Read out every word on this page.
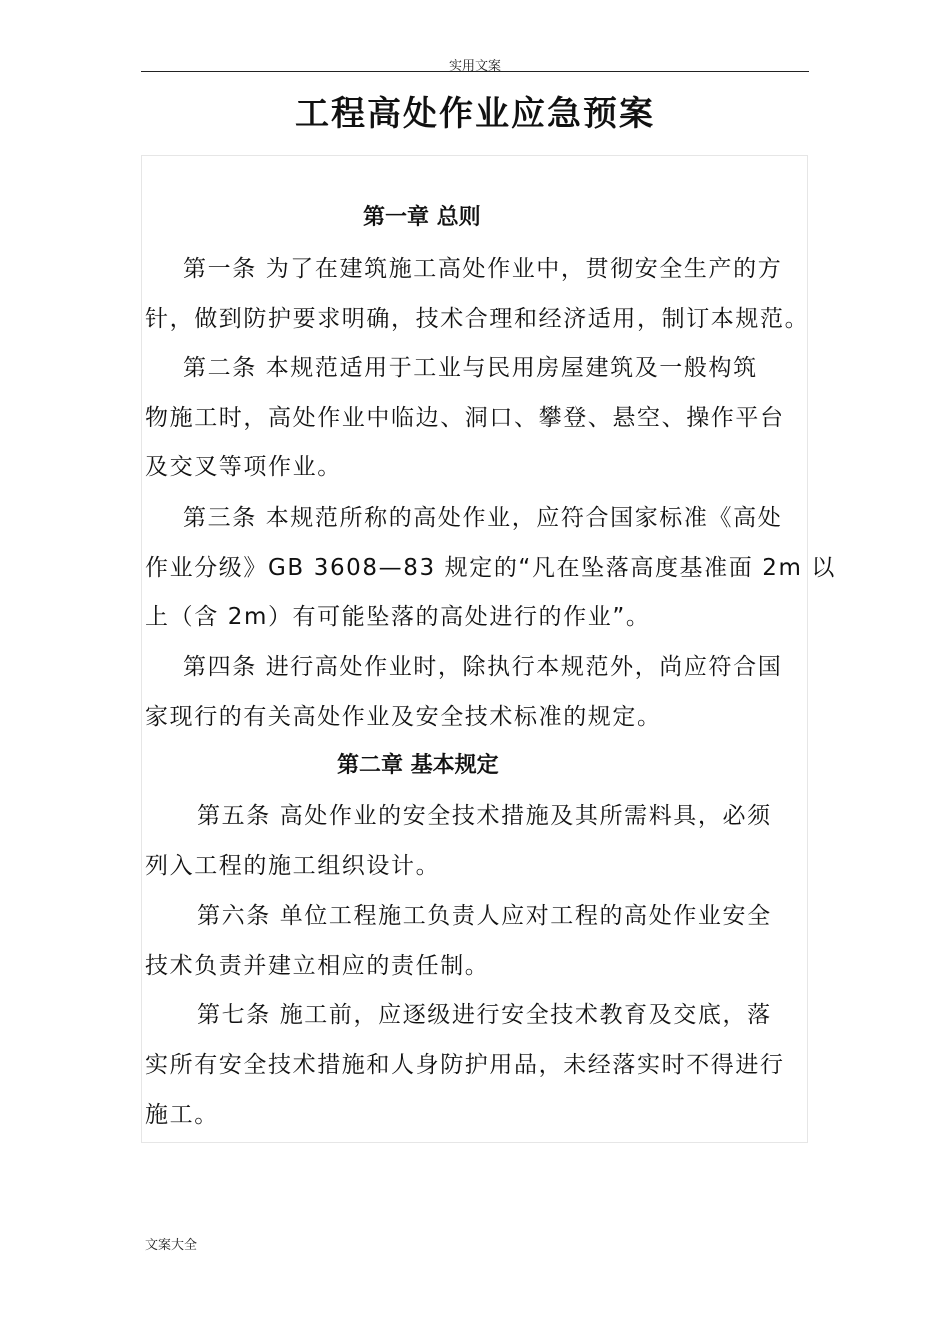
实用文案
工程高处作业应急预案
第一章 总则
第一条 为了在建筑施工高处作业中，贯彻安全生产的方
针，做到防护要求明确，技术合理和经济适用，制订本规范。
第二条 本规范适用于工业与民用房屋建筑及一般构筑
物施工时，高处作业中临边、洞口、攀登、悬空、操作平台
及交叉等项作业。
第三条 本规范所称的高处作业，应符合国家标准《高处
作业分级》GB 3608—83 规定的“凡在坠落高度基准面 2m 以
上（含 2m）有可能坠落的高处进行的作业”。
第四条 进行高处作业时，除执行本规范外，尚应符合国
家现行的有关高处作业及安全技术标准的规定。
第二章 基本规定
第五条 高处作业的安全技术措施及其所需料具，必须
列入工程的施工组织设计。
第六条 单位工程施工负责人应对工程的高处作业安全
技术负责并建立相应的责任制。
第七条 施工前，应逐级进行安全技术教育及交底，落
实所有安全技术措施和人身防护用品，未经落实时不得进行
施工。
文案大全
